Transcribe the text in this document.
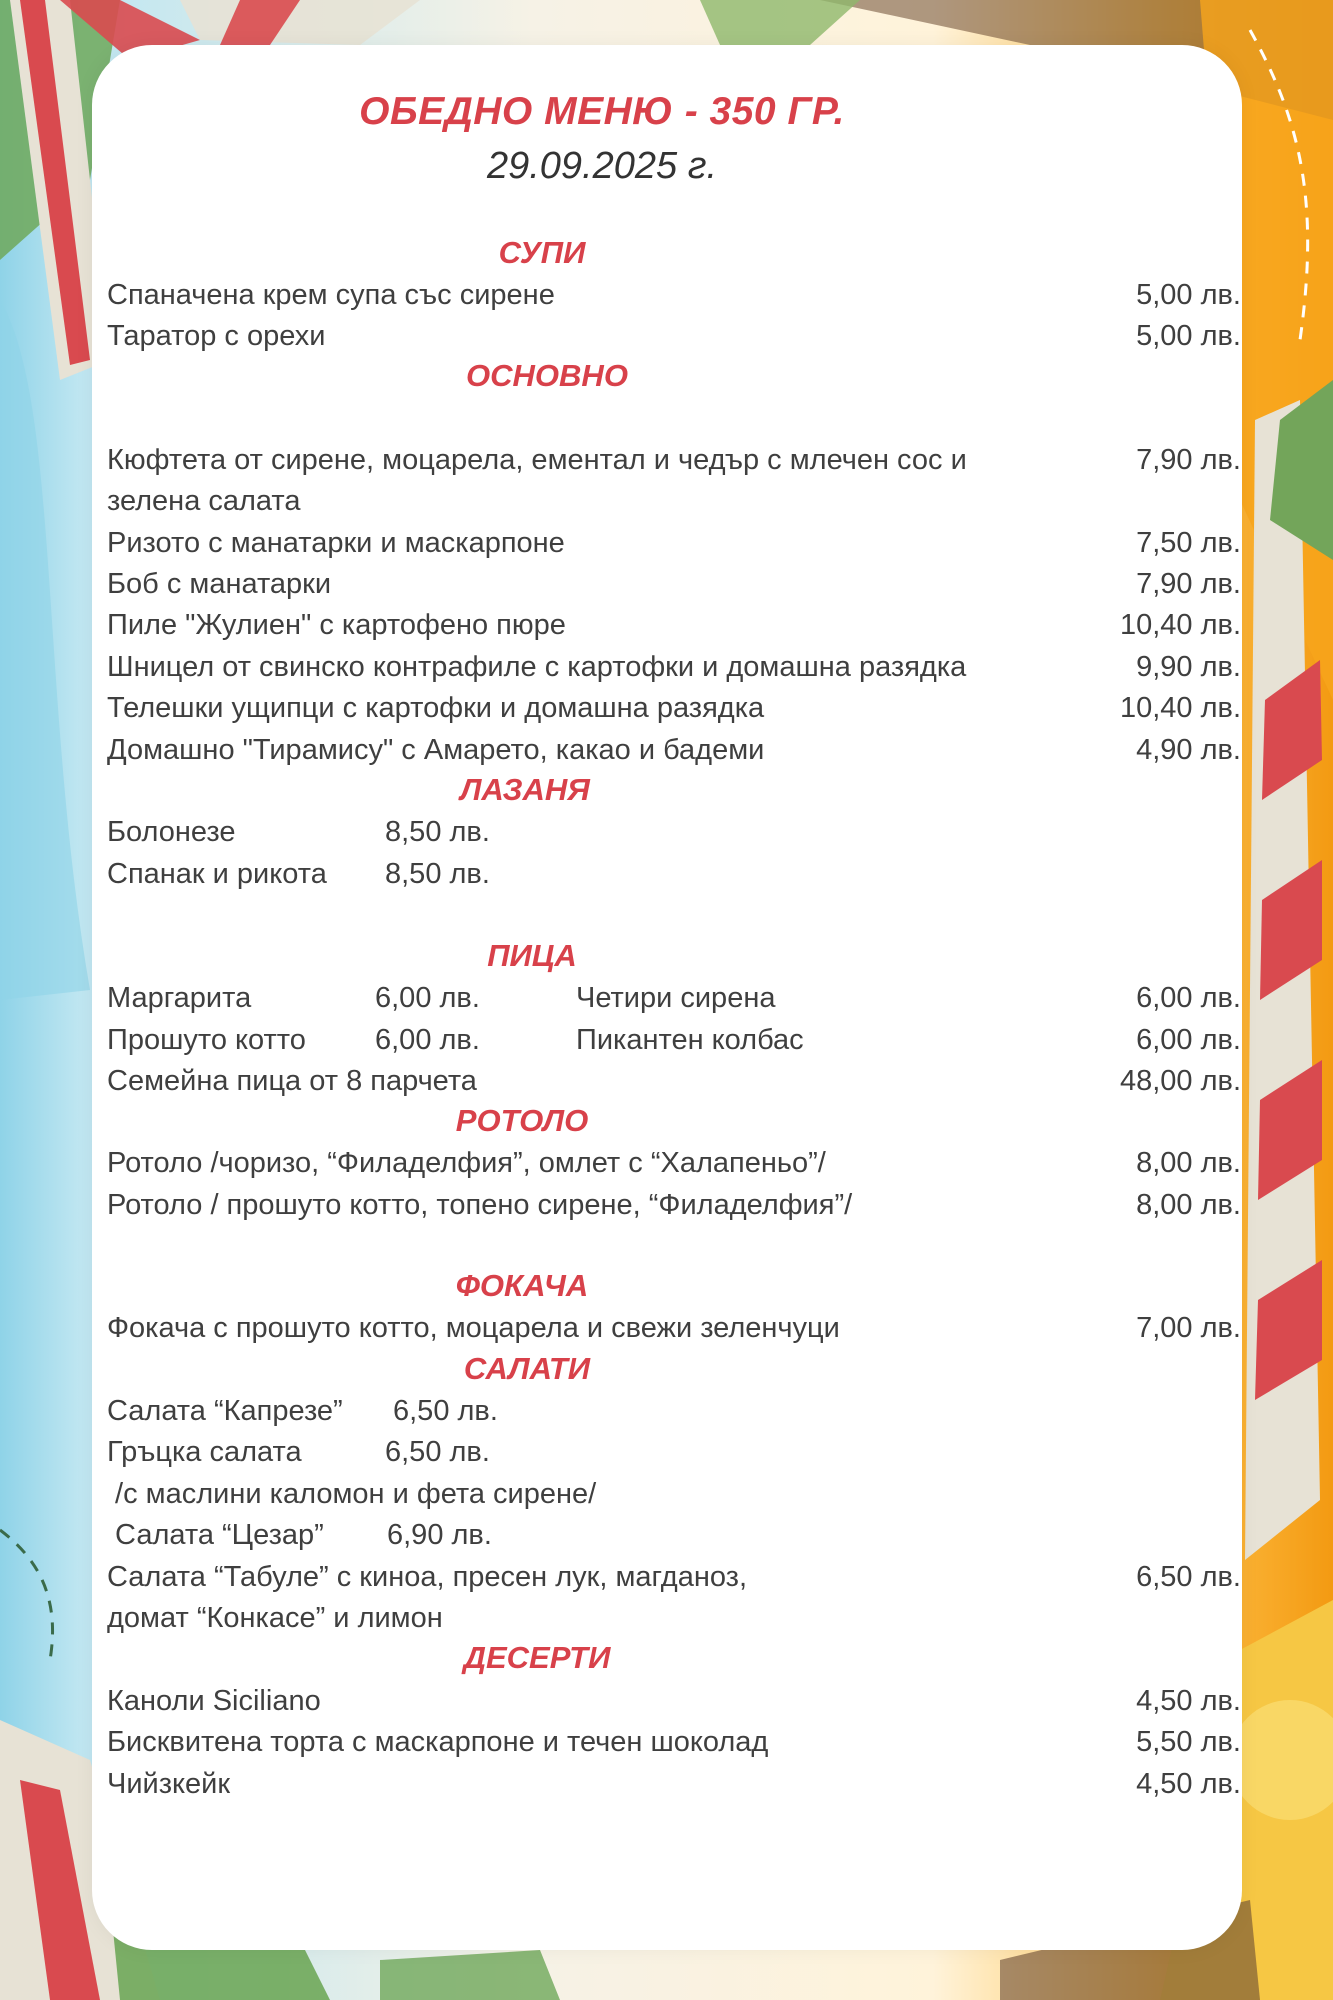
ОБЕДНО МЕНЮ - 350 ГР.
29.09.2025 г.
СУПИ
Спаначена крем супа със сирене	5,00 лв.
Таратор с орехи	5,00 лв.
ОСНОВНО
Кюфтета от сирене, моцарела, ементал и чедър с млечен сос и	7,90 лв.
зелена салата
Ризото с манатарки и маскарпоне	7,50 лв.
Боб с манатарки	7,90 лв.
Пиле "Жулиен" с картофено пюре	10,40 лв.
Шницел от свинско контрафиле с картофки и домашна разядка	9,90 лв.
Телешки ущипци с картофки и домашна разядка	10,40 лв.
Домашно "Тирамису" с Амарето, какао и бадеми	4,90 лв.
ЛАЗАНЯ
Болонезе	8,50 лв.
Спанак и рикота 8,50 лв.
ПИЦА
Маргарита	6,00 лв.	Четири сирена	6,00 лв.
Прошуто котто 6,00 лв.	Пикантен колбас	6,00 лв.
Семейна пица от 8 парчета	48,00 лв.
РОТОЛО
Ротоло /чоризо, “Филаделфия”, омлет с “Халапеньо”/	8,00 лв.
Ротоло / прошуто котто, топено сирене, “Филаделфия”/	8,00 лв.
ФОКАЧА
Фокача с прошуто котто, моцарела и свежи зеленчуци	7,00 лв.
САЛАТИ
Салата “Капрезе” 6,50 лв.
Гръцка салата	6,50 лв.
/с маслини каломон и фета сирене/
Салата “Цезар” 6,90 лв.
Салата “Табуле” с киноа, пресен лук, магданоз,	6,50 лв.
домат “Конкасе” и лимон
ДЕСЕРТИ
Каноли Siciliano	4,50 лв.
Бисквитена торта с маскарпоне и течен шоколад	5,50 лв.
Чийзкейк	4,50 лв.
